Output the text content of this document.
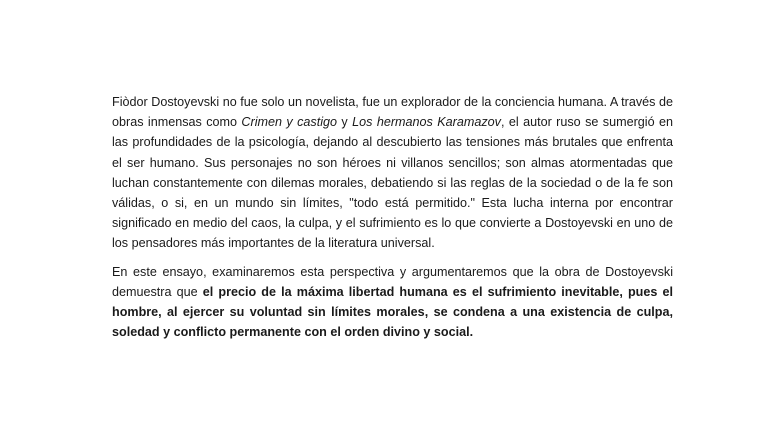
Fiòdor Dostoyevski no fue solo un novelista, fue un explorador de la conciencia humana. A través de obras inmensas como Crimen y castigo y Los hermanos Karamazov, el autor ruso se sumergió en las profundidades de la psicología, dejando al descubierto las tensiones más brutales que enfrenta el ser humano. Sus personajes no son héroes ni villanos sencillos; son almas atormentadas que luchan constantemente con dilemas morales, debatiendo si las reglas de la sociedad o de la fe son válidas, o si, en un mundo sin límites, "todo está permitido." Esta lucha interna por encontrar significado en medio del caos, la culpa, y el sufrimiento es lo que convierte a Dostoyevski en uno de los pensadores más importantes de la literatura universal.

En este ensayo, examinaremos esta perspectiva y argumentaremos que la obra de Dostoyevski demuestra que el precio de la máxima libertad humana es el sufrimiento inevitable, pues el hombre, al ejercer su voluntad sin límites morales, se condena a una existencia de culpa, soledad y conflicto permanente con el orden divino y social.
